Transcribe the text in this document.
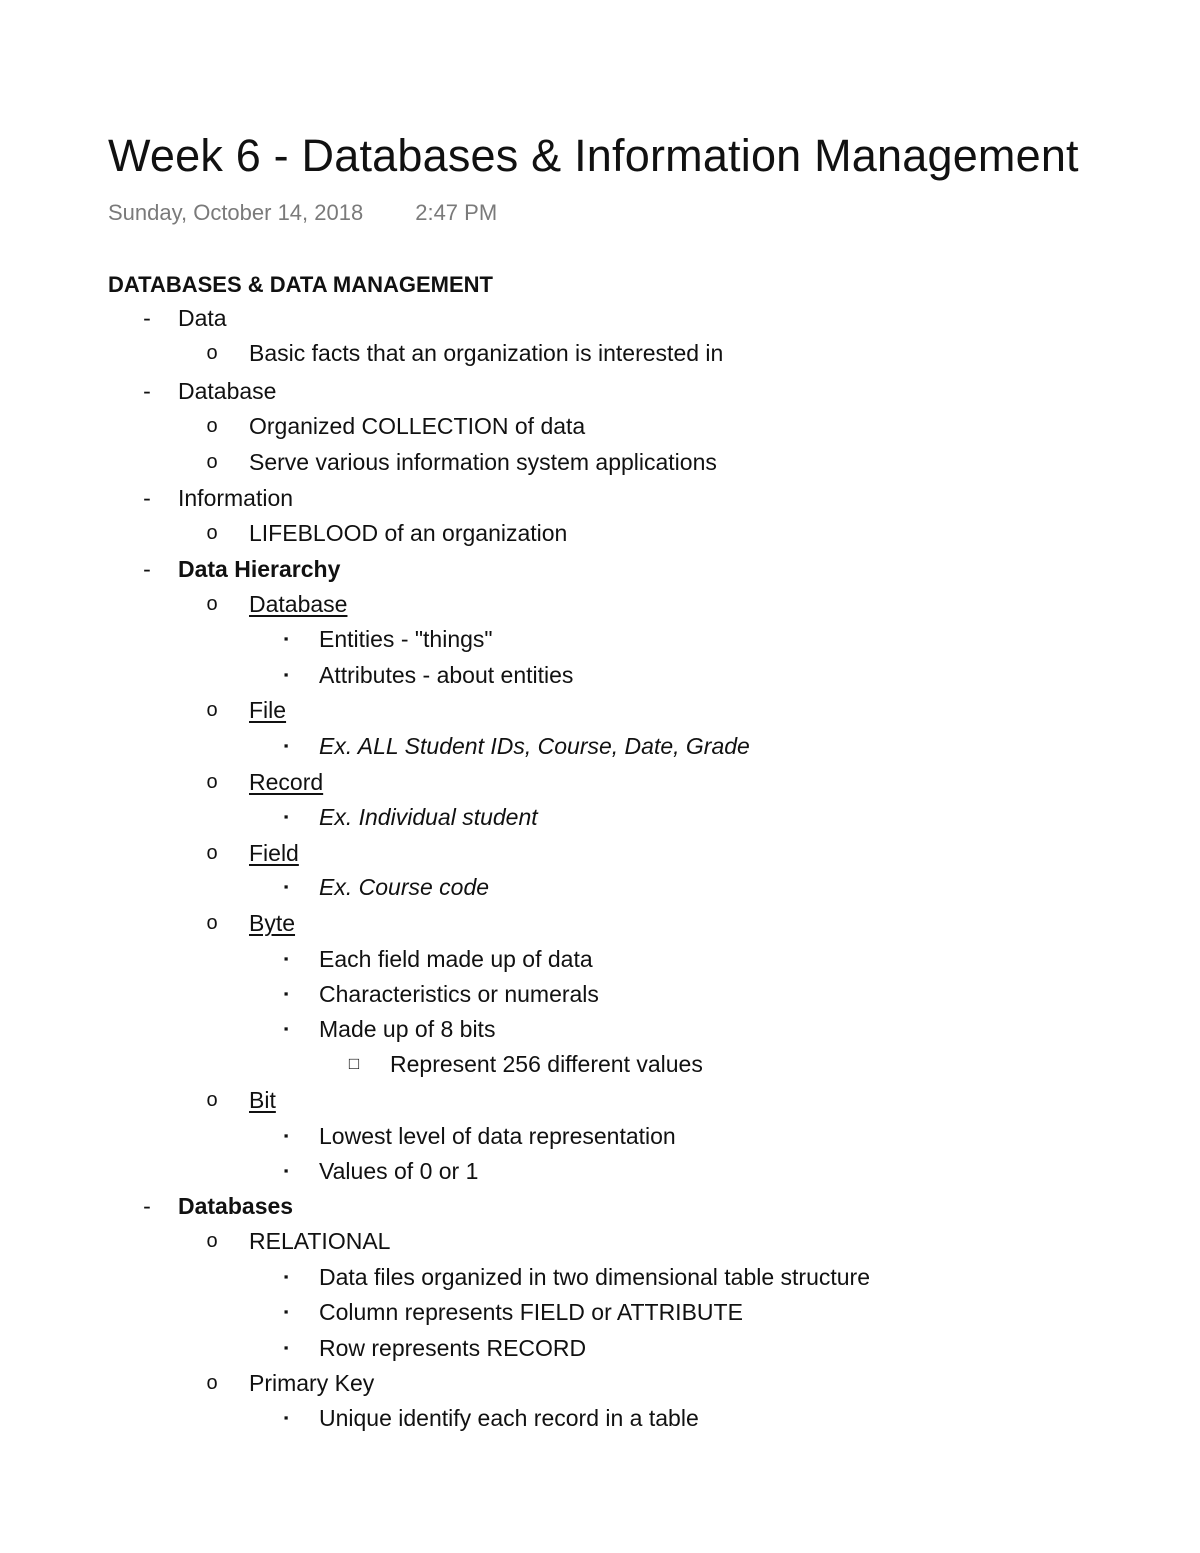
Week 6 - Databases & Information Management
Sunday, October 14, 2018 2:47 PM
DATABASES & DATA MANAGEMENT
-	Data
o Basic facts that an organization is interested in
-	Database
o Organized COLLECTION of data
o Serve various information system applications
-	Information
o LIFEBLOOD of an organization
-	Data Hierarchy
o Database
▪	Entities - "things"
▪	Attributes - about entities
o File
▪	Ex. ALL Student IDs, Course, Date, Grade
o Record
▪	Ex. Individual student
o Field
▪	Ex. Course code
o Byte
▪	Each field made up of data
▪	Characteristics or numerals
▪	Made up of 8 bits
□ Represent 256 different values
o Bit
▪	Lowest level of data representation
▪	Values of 0 or 1
-	Databases
o RELATIONAL
▪	Data files organized in two dimensional table structure
▪	Column represents FIELD or ATTRIBUTE
▪	Row represents RECORD
o Primary Key
▪	Unique identify each record in a table
